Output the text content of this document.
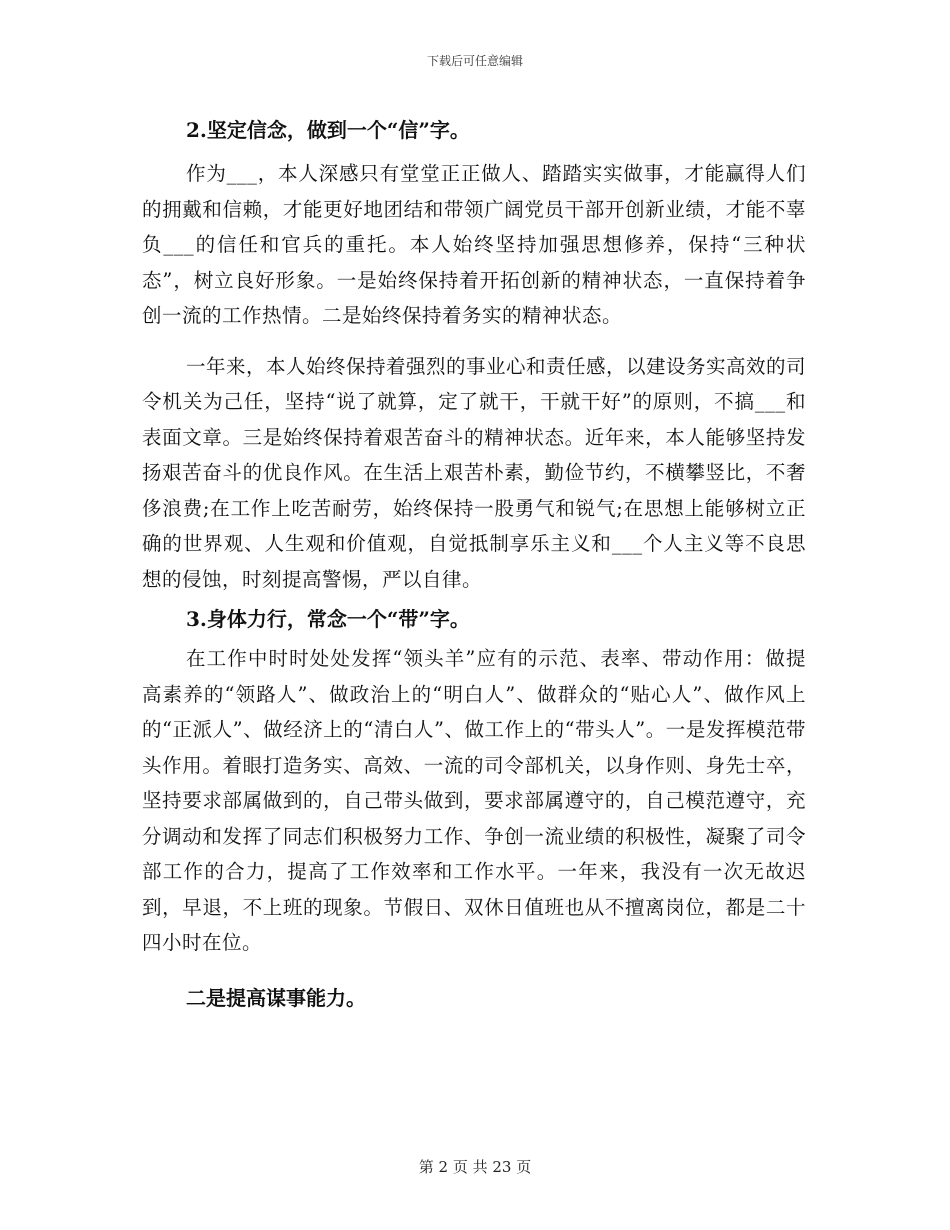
下载后可任意编辑

2.坚定信念，做到一个“信”字。

作为___，本人深感只有堂堂正正做人、踏踏实实做事，才能赢得人们的拥戴和信赖，才能更好地团结和带领广阔党员干部开创新业绩，才能不辜负___的信任和官兵的重托。本人始终坚持加强思想修养，保持“三种状态”，树立良好形象。一是始终保持着开拓创新的精神状态，一直保持着争创一流的工作热情。二是始终保持着务实的精神状态。

一年来，本人始终保持着强烈的事业心和责任感，以建设务实高效的司令机关为己任，坚持“说了就算，定了就干，干就干好”的原则，不搞___和表面文章。三是始终保持着艰苦奋斗的精神状态。近年来，本人能够坚持发扬艰苦奋斗的优良作风。在生活上艰苦朴素，勤俭节约，不横攀竖比，不奢侈浪费;在工作上吃苦耐劳，始终保持一股勇气和锐气;在思想上能够树立正确的世界观、人生观和价值观，自觉抵制享乐主义和___个人主义等不良思想的侵蚀，时刻提高警惕，严以自律。

3.身体力行，常念一个“带”字。

在工作中时时处处发挥“领头羊”应有的示范、表率、带动作用：做提高素养的“领路人”、做政治上的“明白人”、做群众的“贴心人”、做作风上的“正派人”、做经济上的“清白人”、做工作上的“带头人”。一是发挥模范带头作用。着眼打造务实、高效、一流的司令部机关，以身作则、身先士卒，坚持要求部属做到的，自己带头做到，要求部属遵守的，自己模范遵守，充分调动和发挥了同志们积极努力工作、争创一流业绩的积极性，凝聚了司令部工作的合力，提高了工作效率和工作水平。一年来，我没有一次无故迟到，早退，不上班的现象。节假日、双休日值班也从不擅离岗位，都是二十四小时在位。

二是提高谋事能力。

第 2 页 共 23 页
